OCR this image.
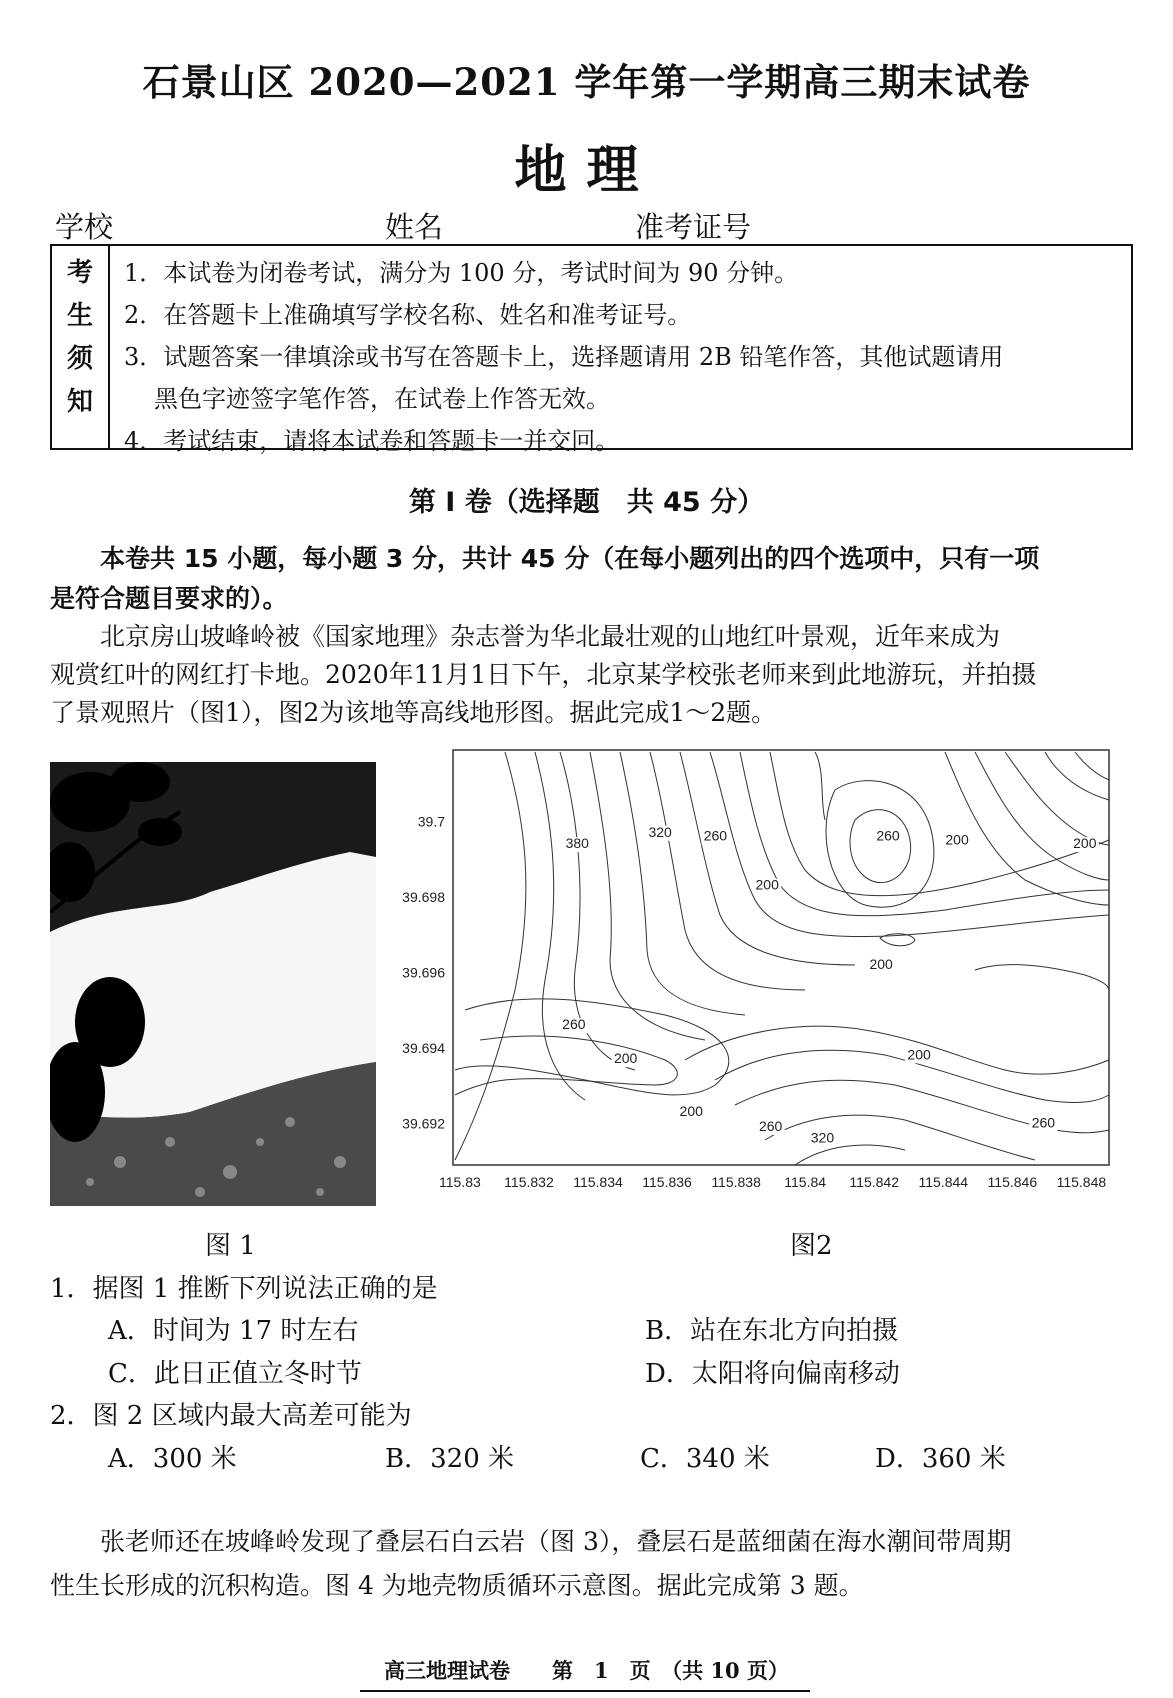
石景山区 2020—2021 学年第一学期高三期末试卷
地理
学校	姓名	准考证号
考
生
须
知
1．本试卷为闭卷考试，满分为 100 分，考试时间为 90 分钟。
2．在答题卡上准确填写学校名称、姓名和准考证号。
3．试题答案一律填涂或书写在答题卡上，选择题请用 2B 铅笔作答，其他试题请用
黑色字迹签字笔作答，在试卷上作答无效。
4．考试结束，请将本试卷和答题卡一并交回。
第 Ⅰ 卷（选择题　共 45 分）
本卷共 15 小题，每小题 3 分，共计 45 分（在每小题列出的四个选项中，只有一项
是符合题目要求的）。
北京房山坡峰岭被《国家地理》杂志誉为华北最壮观的山地红叶景观，近年来成为
观赏红叶的网红打卡地。2020年11月1日下午，北京某学校张老师来到此地游玩，并拍摄
了景观照片（图1），图2为该地等高线地形图。据此完成1～2题。
115.83 115.832 115.834 115.836 115.838 115.84 115.842 115.844 115.846 115.848
39.7
39.698
39.696
39.694
39.692
380
320 260
200
260	200	200
200
260
200
200
200
260
320
260
图 1	图2
1．据图 1 推断下列说法正确的是
A．时间为 17 时左右	B．站在东北方向拍摄
C．此日正值立冬时节	D．太阳将向偏南移动
2．图 2 区域内最大高差可能为
A．300 米	B．320 米	C．340 米	D．360 米
张老师还在坡峰岭发现了叠层石白云岩（图 3），叠层石是蓝细菌在海水潮间带周期
性生长形成的沉积构造。图 4 为地壳物质循环示意图。据此完成第 3 题。
高三地理试卷　　第　1　页　（共 10 页）
